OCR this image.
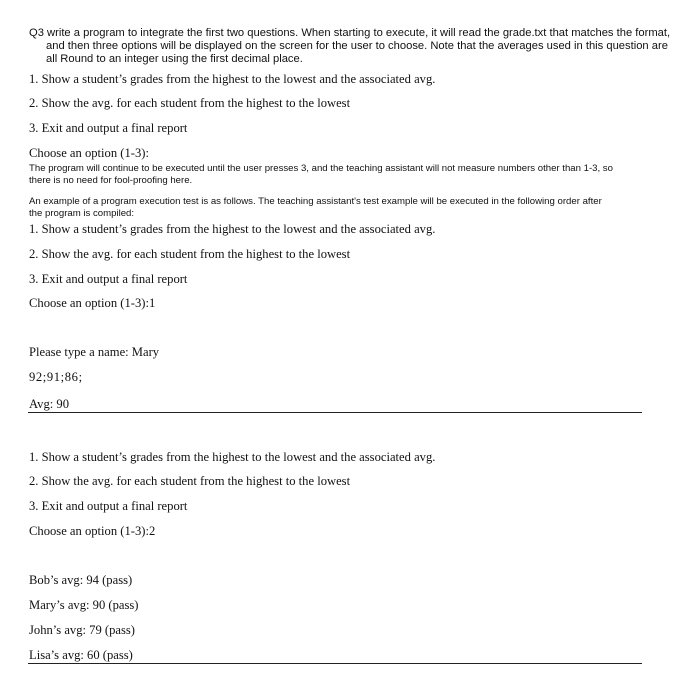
Q3 write a program to integrate the first two questions. When starting to execute, it will read the grade.txt that matches the format,
and then three options will be displayed on the screen for the user to choose. Note that the averages used in this question are
all Round to an integer using the first decimal place.
1. Show a student’s grades from the highest to the lowest and the associated avg.
2. Show the avg. for each student from the highest to the lowest
3. Exit and output a final report
Choose an option (1-3):
The program will continue to be executed until the user presses 3, and the teaching assistant will not measure numbers other than 1-3, so
there is no need for fool-proofing here.
An example of a program execution test is as follows. The teaching assistant's test example will be executed in the following order after
the program is compiled:
1. Show a student’s grades from the highest to the lowest and the associated avg.
2. Show the avg. for each student from the highest to the lowest
3. Exit and output a final report
Choose an option (1-3):1
Please type a name: Mary
92;91;86;
Avg: 90
1. Show a student’s grades from the highest to the lowest and the associated avg.
2. Show the avg. for each student from the highest to the lowest
3. Exit and output a final report
Choose an option (1-3):2
Bob’s avg: 94 (pass)
Mary’s avg: 90 (pass)
John’s avg: 79 (pass)
Lisa’s avg: 60 (pass)
